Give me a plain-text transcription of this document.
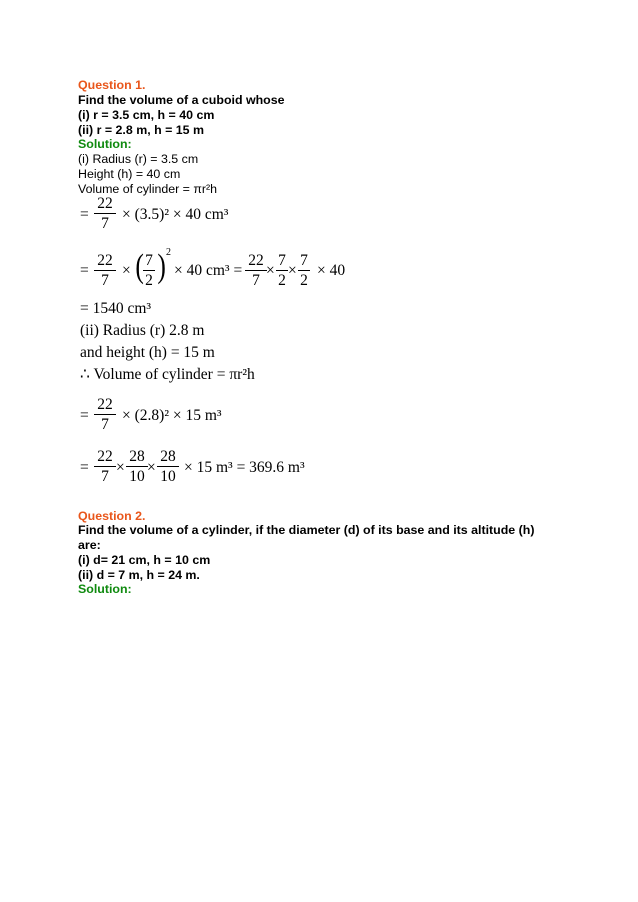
Question 1.
Find the volume of a cuboid whose
(i) r = 3.5 cm, h = 40 cm
(ii) r = 2.8 m, h = 15 m
Solution:
(i) Radius (r) = 3.5 cm
Height (h) = 40 cm
Volume of cylinder = πr²h
=
22
7
× (3.5)² × 40 cm³
=
22
7
× ( 7
2 ) 2
× 40 cm³ =
22
7
×
7
2
×
7
2
× 40
= 1540 cm³
(ii) Radius (r) 2.8 m
and height (h) = 15 m
∴ Volume of cylinder = πr²h
=
22
7
× (2.8)² × 15 m³
=
22
7
×
28
10
×
28
10
× 15 m³ = 369.6 m³
Question 2.
Find the volume of a cylinder, if the diameter (d) of its base and its altitude (h)
are:
(i) d= 21 cm, h = 10 cm
(ii) d = 7 m, h = 24 m.
Solution:
